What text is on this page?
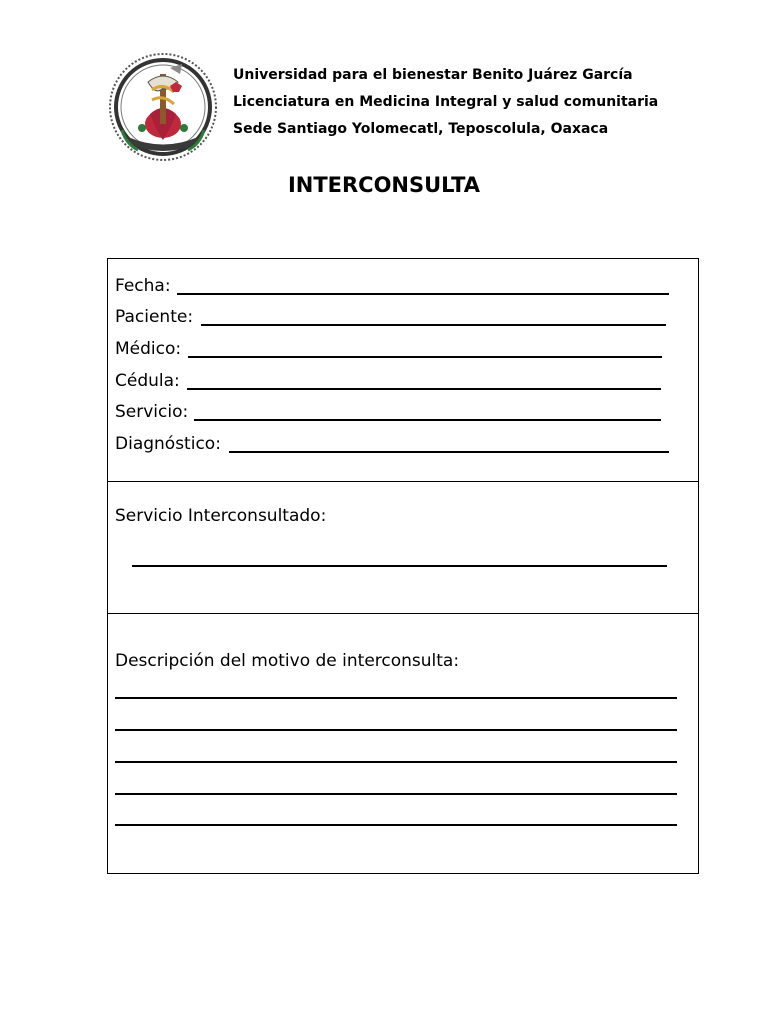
Universidad para el bienestar Benito Juárez García
Licenciatura en Medicina Integral y salud comunitaria
Sede Santiago Yolomecatl, Teposcolula, Oaxaca
INTERCONSULTA
Fecha:
Paciente:
Médico:
Cédula:
Servicio:
Diagnóstico:
Servicio Interconsultado:
Descripción del motivo de interconsulta:
